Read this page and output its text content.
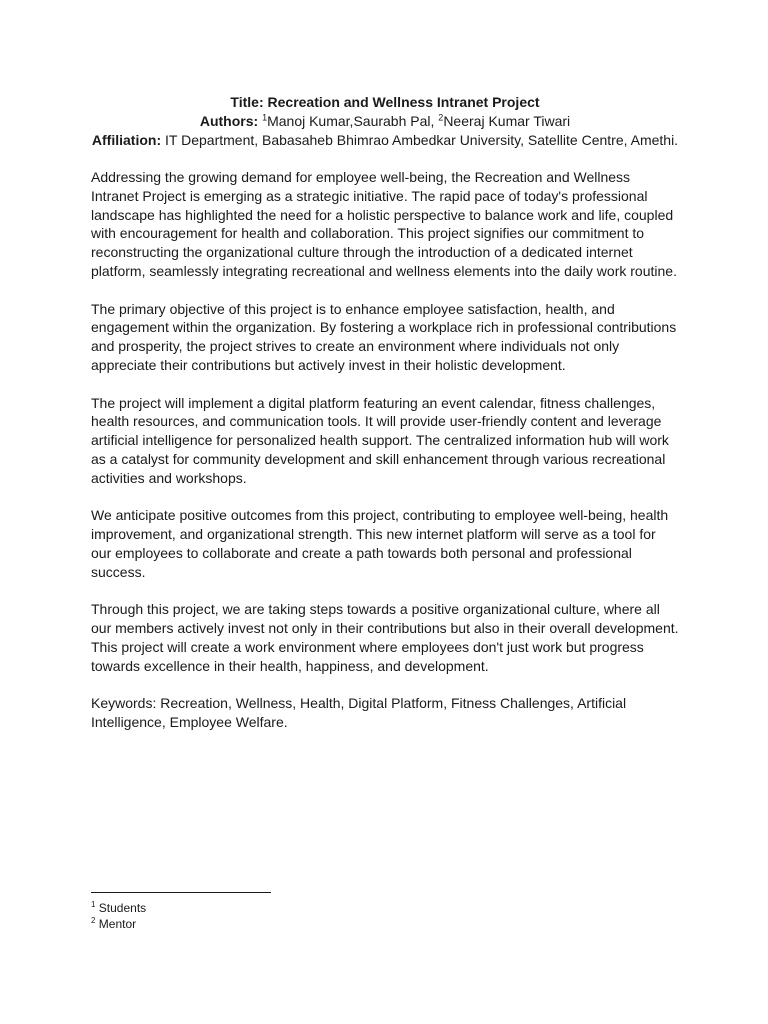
Title: Recreation and Wellness Intranet Project
Authors: $^1$Manoj Kumar,Saurabh Pal, $^2$Neeraj Kumar Tiwari
Affiliation: IT Department, Babasaheb Bhimrao Ambedkar University, Satellite Centre, Amethi.

Addressing the growing demand for employee well-being, the Recreation and Wellness Intranet Project is emerging as a strategic initiative. The rapid pace of today's professional landscape has highlighted the need for a holistic perspective to balance work and life, coupled with encouragement for health and collaboration. This project signifies our commitment to reconstructing the organizational culture through the introduction of a dedicated internet platform, seamlessly integrating recreational and wellness elements into the daily work routine.

The primary objective of this project is to enhance employee satisfaction, health, and engagement within the organization. By fostering a workplace rich in professional contributions and prosperity, the project strives to create an environment where individuals not only appreciate their contributions but actively invest in their holistic development.

The project will implement a digital platform featuring an event calendar, fitness challenges, health resources, and communication tools. It will provide user-friendly content and leverage artificial intelligence for personalized health support. The centralized information hub will work as a catalyst for community development and skill enhancement through various recreational activities and workshops.

We anticipate positive outcomes from this project, contributing to employee well-being, health improvement, and organizational strength. This new internet platform will serve as a tool for our employees to collaborate and create a path towards both personal and professional success.

Through this project, we are taking steps towards a positive organizational culture, where all our members actively invest not only in their contributions but also in their overall development. This project will create a work environment where employees don't just work but progress towards excellence in their health, happiness, and development.

Keywords: Recreation, Wellness, Health, Digital Platform, Fitness Challenges, Artificial Intelligence, Employee Welfare.

$^1$ Students
$^2$ Mentor
